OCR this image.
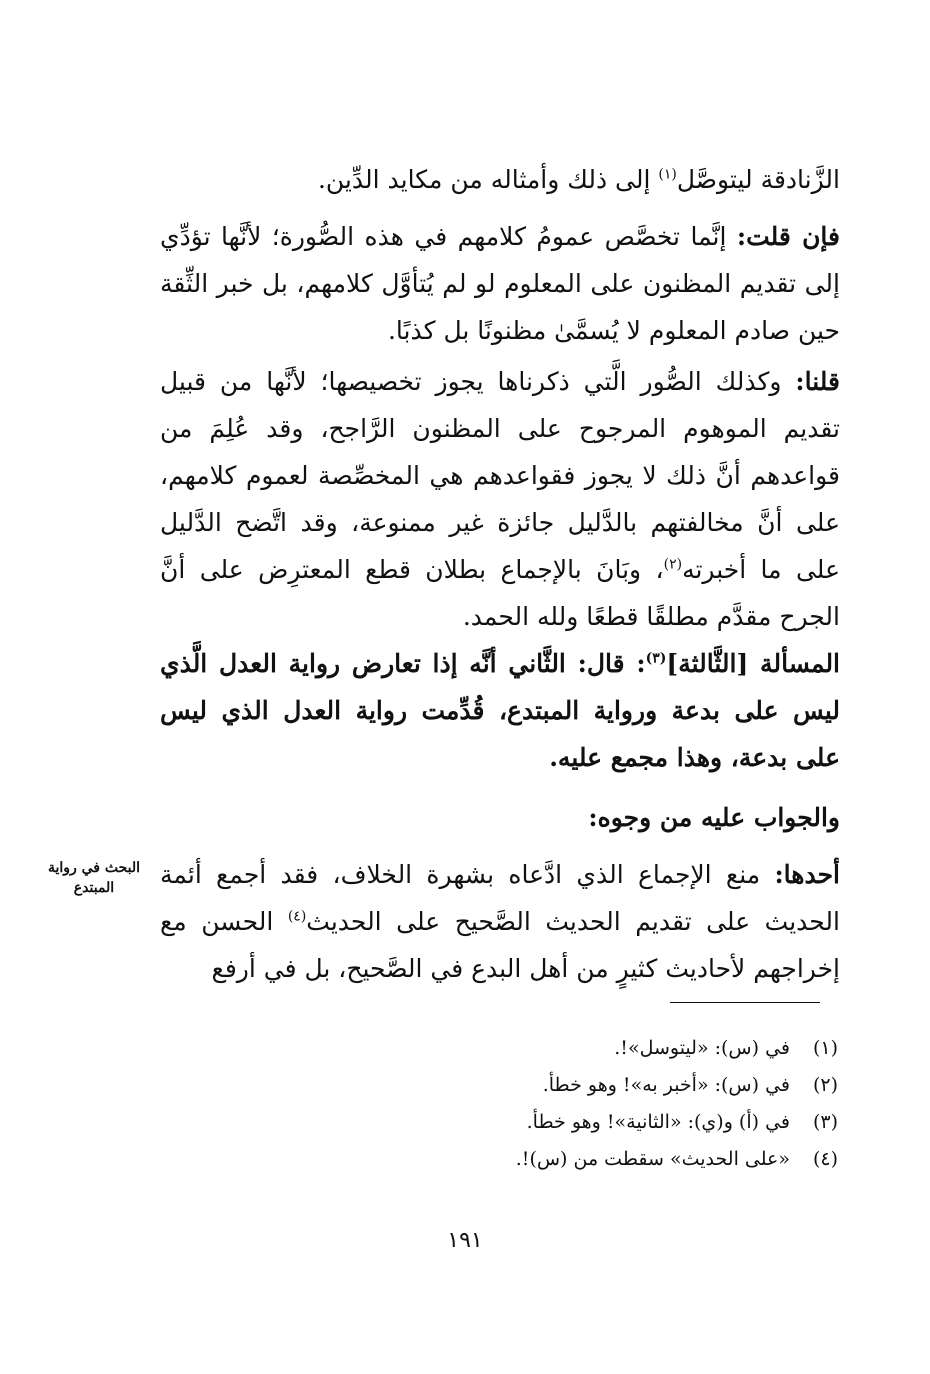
الزَّنادقة ليتوصَّل$^{(١)}$ إلى ذلك وأمثاله من مكايد الدِّين.

فإن قلت: إنَّما تخصَّص عمومُ كلامهم في هذه الصُّورة؛ لأنَّها تؤدِّي إلى تقديم المظنون على المعلوم لو لم يُتأوَّل كلامهم، بل خبر الثِّقة حين صادم المعلوم لا يُسمَّىٰ مظنونًا بل كذبًا.

قلنا: وكذلك الصُّور الَّتي ذكرناها يجوز تخصيصها؛ لأنَّها من قبيل تقديم الموهوم المرجوح على المظنون الرَّاجح، وقد عُلِمَ من قواعدهم أنَّ ذلك لا يجوز فقواعدهم هي المخصِّصة لعموم كلامهم، على أنَّ مخالفتهم بالدَّليل جائزة غير ممنوعة، وقد اتَّضح الدَّليل على ما أخبرته$^{(٢)}$، وبَانَ بالإجماع بطلان قطع المعترِض على أنَّ الجرح مقدَّم مطلقًا قطعًا ولله الحمد.

المسألة [الثَّالثة]$^{(٣)}$: قال: الثَّاني أنَّه إذا تعارض رواية العدل الَّذي ليس على بدعة ورواية المبتدع، قُدِّمت رواية العدل الذي ليس على بدعة، وهذا مجمع عليه.

والجواب عليه من وجوه:

أحدها: منع الإجماع الذي ادَّعاه بشهرة الخلاف، فقد أجمع أئمة الحديث على تقديم الحديث الصَّحيح على الحديث$^{(٤)}$ الحسن مع إخراجهم لأحاديث كثيرٍ من أهل البدع في الصَّحيح، بل في أرفع

البحث في رواية
المبتدع
(١)
في (س): «ليتوسل»!.
(٢)
في (س): «أخبر به»! وهو خطأ.
(٣)
في (أ) و(ي): «الثانية»! وهو خطأ.
(٤)
«على الحديث» سقطت من (س)!.
١٩١
